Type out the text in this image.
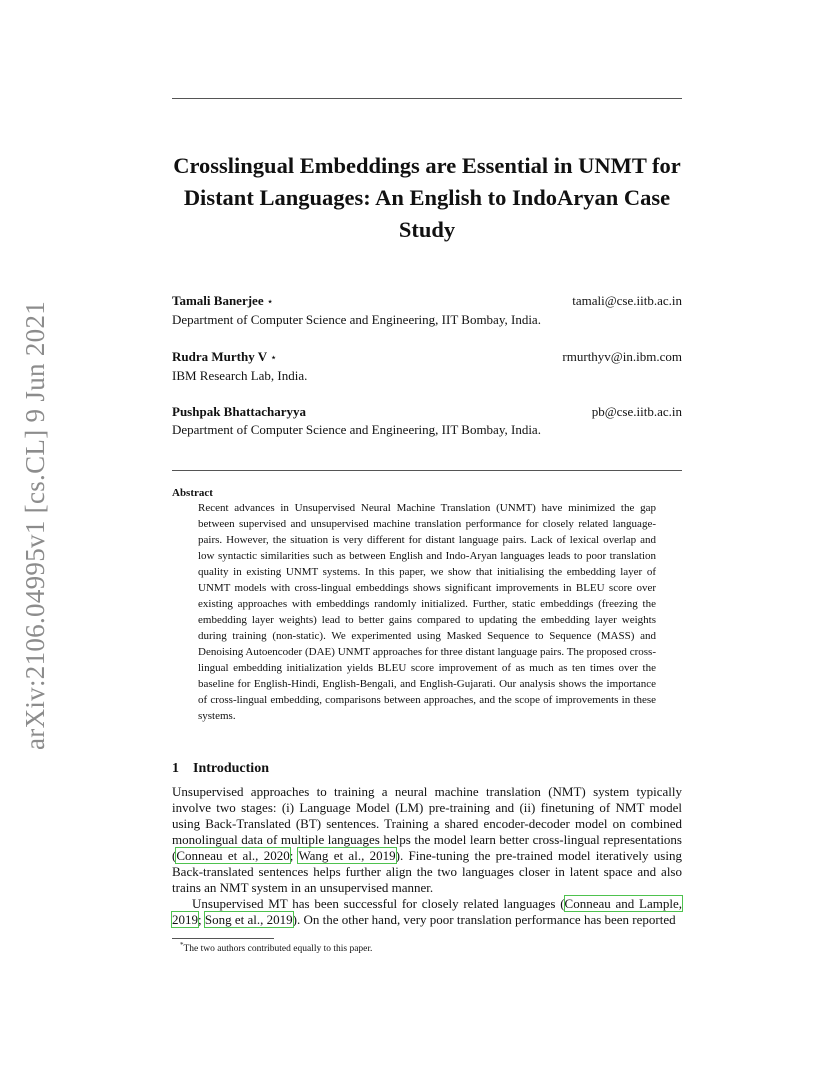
arXiv:2106.04995v1 [cs.CL] 9 Jun 2021
Crosslingual Embeddings are Essential in UNMT for Distant Languages: An English to IndoAryan Case Study
Tamali Banerjee ⋆	tamali@cse.iitb.ac.in
Department of Computer Science and Engineering, IIT Bombay, India.
Rudra Murthy V ⋆	rmurthyv@in.ibm.com
IBM Research Lab, India.
Pushpak Bhattacharyya	pb@cse.iitb.ac.in
Department of Computer Science and Engineering, IIT Bombay, India.
Abstract
Recent advances in Unsupervised Neural Machine Translation (UNMT) have minimized the gap between supervised and unsupervised machine translation performance for closely related language-pairs. However, the situation is very different for distant language pairs. Lack of lexical overlap and low syntactic similarities such as between English and Indo-Aryan languages leads to poor translation quality in existing UNMT systems. In this paper, we show that initialising the embedding layer of UNMT models with cross-lingual embeddings shows significant improvements in BLEU score over existing approaches with embeddings randomly initialized. Further, static embeddings (freezing the embedding layer weights) lead to better gains compared to updating the embedding layer weights during training (non-static). We experimented using Masked Sequence to Sequence (MASS) and Denoising Autoencoder (DAE) UNMT approaches for three distant language pairs. The proposed cross-lingual embedding initialization yields BLEU score improvement of as much as ten times over the baseline for English-Hindi, English-Bengali, and English-Gujarati. Our analysis shows the importance of cross-lingual embedding, comparisons between approaches, and the scope of improvements in these systems.
1 Introduction

Unsupervised approaches to training a neural machine translation (NMT) system typically involve two stages: (i) Language Model (LM) pre-training and (ii) finetuning of NMT model using Back-Translated (BT) sentences. Training a shared encoder-decoder model on combined monolingual data of multiple languages helps the model learn better cross-lingual representations (Conneau et al., 2020; Wang et al., 2019). Fine-tuning the pre-trained model iteratively using Back-translated sentences helps further align the two languages closer in latent space and also trains an NMT system in an unsupervised manner.

Unsupervised MT has been successful for closely related languages (Conneau and Lample, 2019; Song et al., 2019). On the other hand, very poor translation performance has been reported

*The two authors contributed equally to this paper.
